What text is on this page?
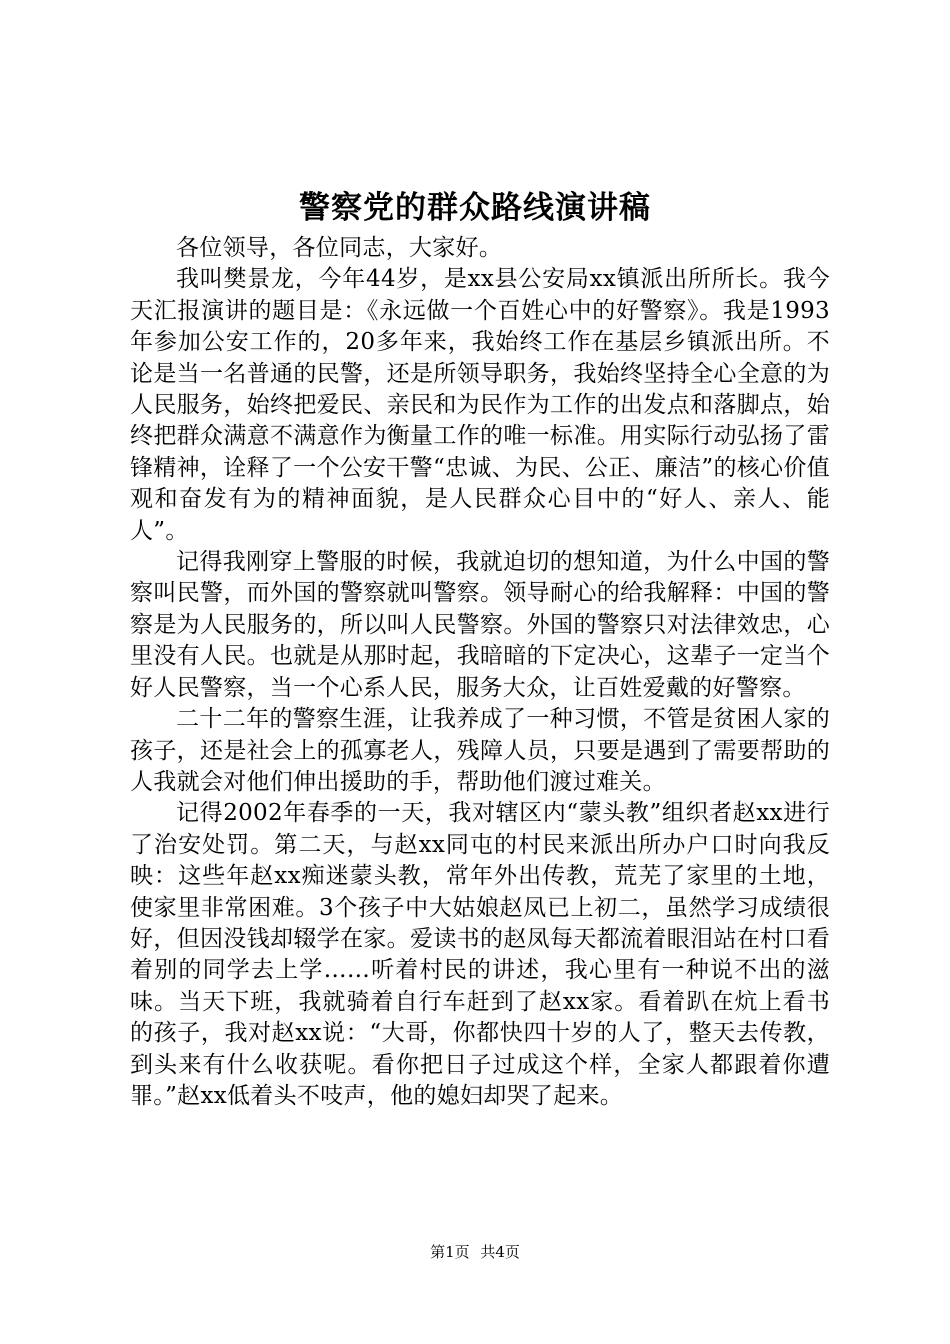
警察党的群众路线演讲稿

各位领导，各位同志，大家好。

我叫樊景龙，今年44岁，是xx县公安局xx镇派出所所长。我今天汇报演讲的题目是：《永远做一个百姓心中的好警察》。我是1993年参加公安工作的，20多年来，我始终工作在基层乡镇派出所。不论是当一名普通的民警，还是所领导职务，我始终坚持全心全意的为人民服务，始终把爱民、亲民和为民作为工作的出发点和落脚点，始终把群众满意不满意作为衡量工作的唯一标准。用实际行动弘扬了雷锋精神，诠释了一个公安干警“忠诚、为民、公正、廉洁”的核心价值观和奋发有为的精神面貌，是人民群众心目中的“好人、亲人、能人”。

记得我刚穿上警服的时候，我就迫切的想知道，为什么中国的警察叫民警，而外国的警察就叫警察。领导耐心的给我解释：中国的警察是为人民服务的，所以叫人民警察。外国的警察只对法律效忠，心里没有人民。也就是从那时起，我暗暗的下定决心，这辈子一定当个好人民警察，当一个心系人民，服务大众，让百姓爱戴的好警察。

二十二年的警察生涯，让我养成了一种习惯，不管是贫困人家的孩子，还是社会上的孤寡老人，残障人员，只要是遇到了需要帮助的人我就会对他们伸出援助的手，帮助他们渡过难关。

记得2002年春季的一天，我对辖区内“蒙头教”组织者赵xx进行了治安处罚。第二天，与赵xx同屯的村民来派出所办户口时向我反映：这些年赵xx痴迷蒙头教，常年外出传教，荒芜了家里的土地，使家里非常困难。3个孩子中大姑娘赵凤已上初二，虽然学习成绩很好，但因没钱却辍学在家。爱读书的赵凤每天都流着眼泪站在村口看着别的同学去上学……听着村民的讲述，我心里有一种说不出的滋味。当天下班，我就骑着自行车赶到了赵xx家。看着趴在炕上看书的孩子，我对赵xx说：“大哥，你都快四十岁的人了，整天去传教，到头来有什么收获呢。看你把日子过成这个样，全家人都跟着你遭罪。”赵xx低着头不吱声，他的媳妇却哭了起来。

第1页 共4页
